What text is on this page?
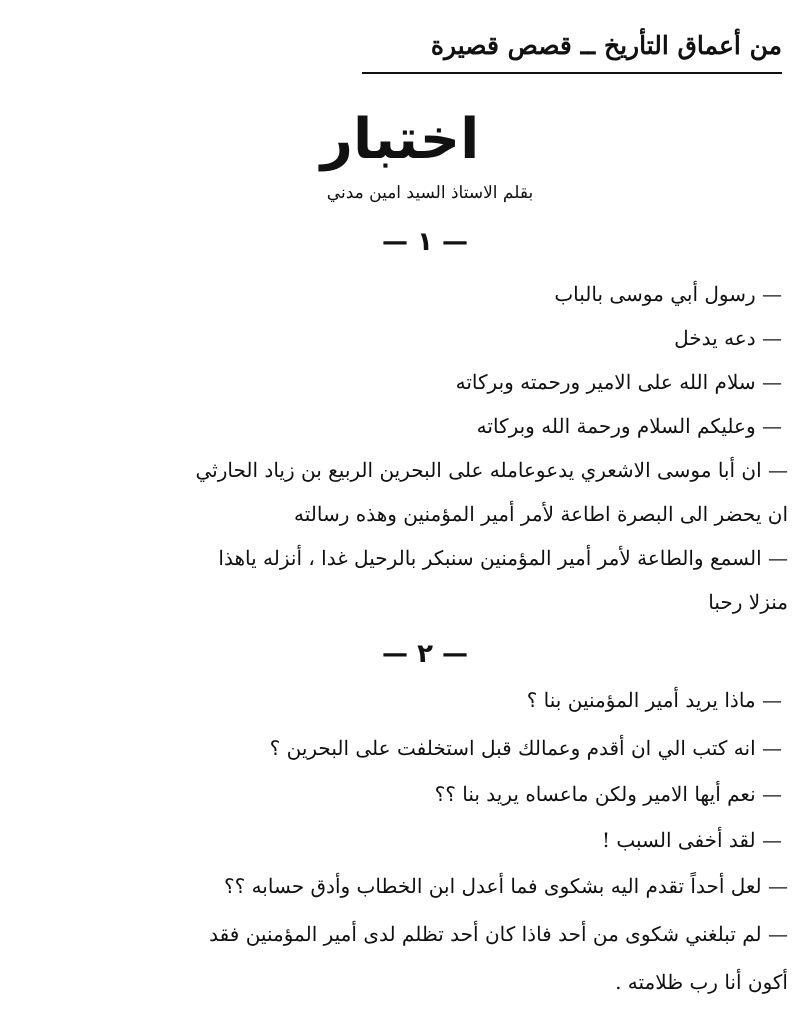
من أعماق التأريخ ــ قصص قصيرة
اختبار
بقلم الاستاذ السيد امين مدني
— ١ —
— رسول أبي موسى بالباب
— دعه يدخل
— سلام الله على الامير ورحمته وبركاته
— وعليكم السلام ورحمة الله وبركاته
— ان أبا موسى الاشعري يدعوعامله على البحرين الربيع بن زياد الحارثي
ان يحضر الى البصرة اطاعة لأمر أمير المؤمنين وهذه رسالته
— السمع والطاعة لأمر أمير المؤمنين سنبكر بالرحيل غدا ، أنزله ياهذا
منزلا رحبا
— ٢ —
— ماذا يريد أمير المؤمنين بنا ؟
— انه كتب الي ان أقدم وعمالك قبل استخلفت على البحرين ؟
— نعم أيها الامير ولكن ماعساه يريد بنا ؟؟
— لقد أخفى السبب !
— لعل أحداً تقدم اليه بشكوى فما أعدل ابن الخطاب وأدق حسابه ؟؟
— لم تبلغني شكوى من أحد فاذا كان أحد تظلم لدى أمير المؤمنين فقد
أكون أنا رب ظلامته .
